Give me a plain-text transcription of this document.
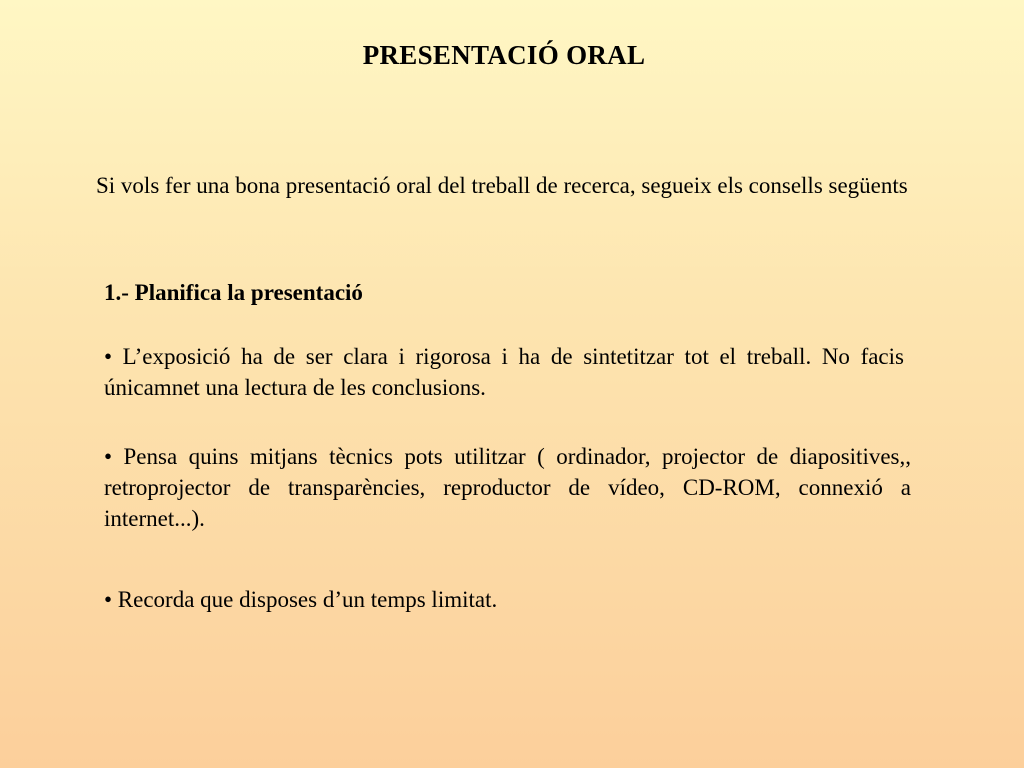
PRESENTACIÓ ORAL
Si vols fer una bona presentació oral del treball de recerca, segueix els consells següents
1.- Planifica la presentació
• L’exposició ha de ser clara i rigorosa i ha de sintetitzar tot el treball. No facis únicamnet una lectura de les conclusions.
• Pensa quins mitjans tècnics pots utilitzar ( ordinador, projector de diapositives,, retroprojector de transparències, reproductor de vídeo, CD-ROM, connexió a internet...).
• Recorda que disposes d’un temps limitat.
